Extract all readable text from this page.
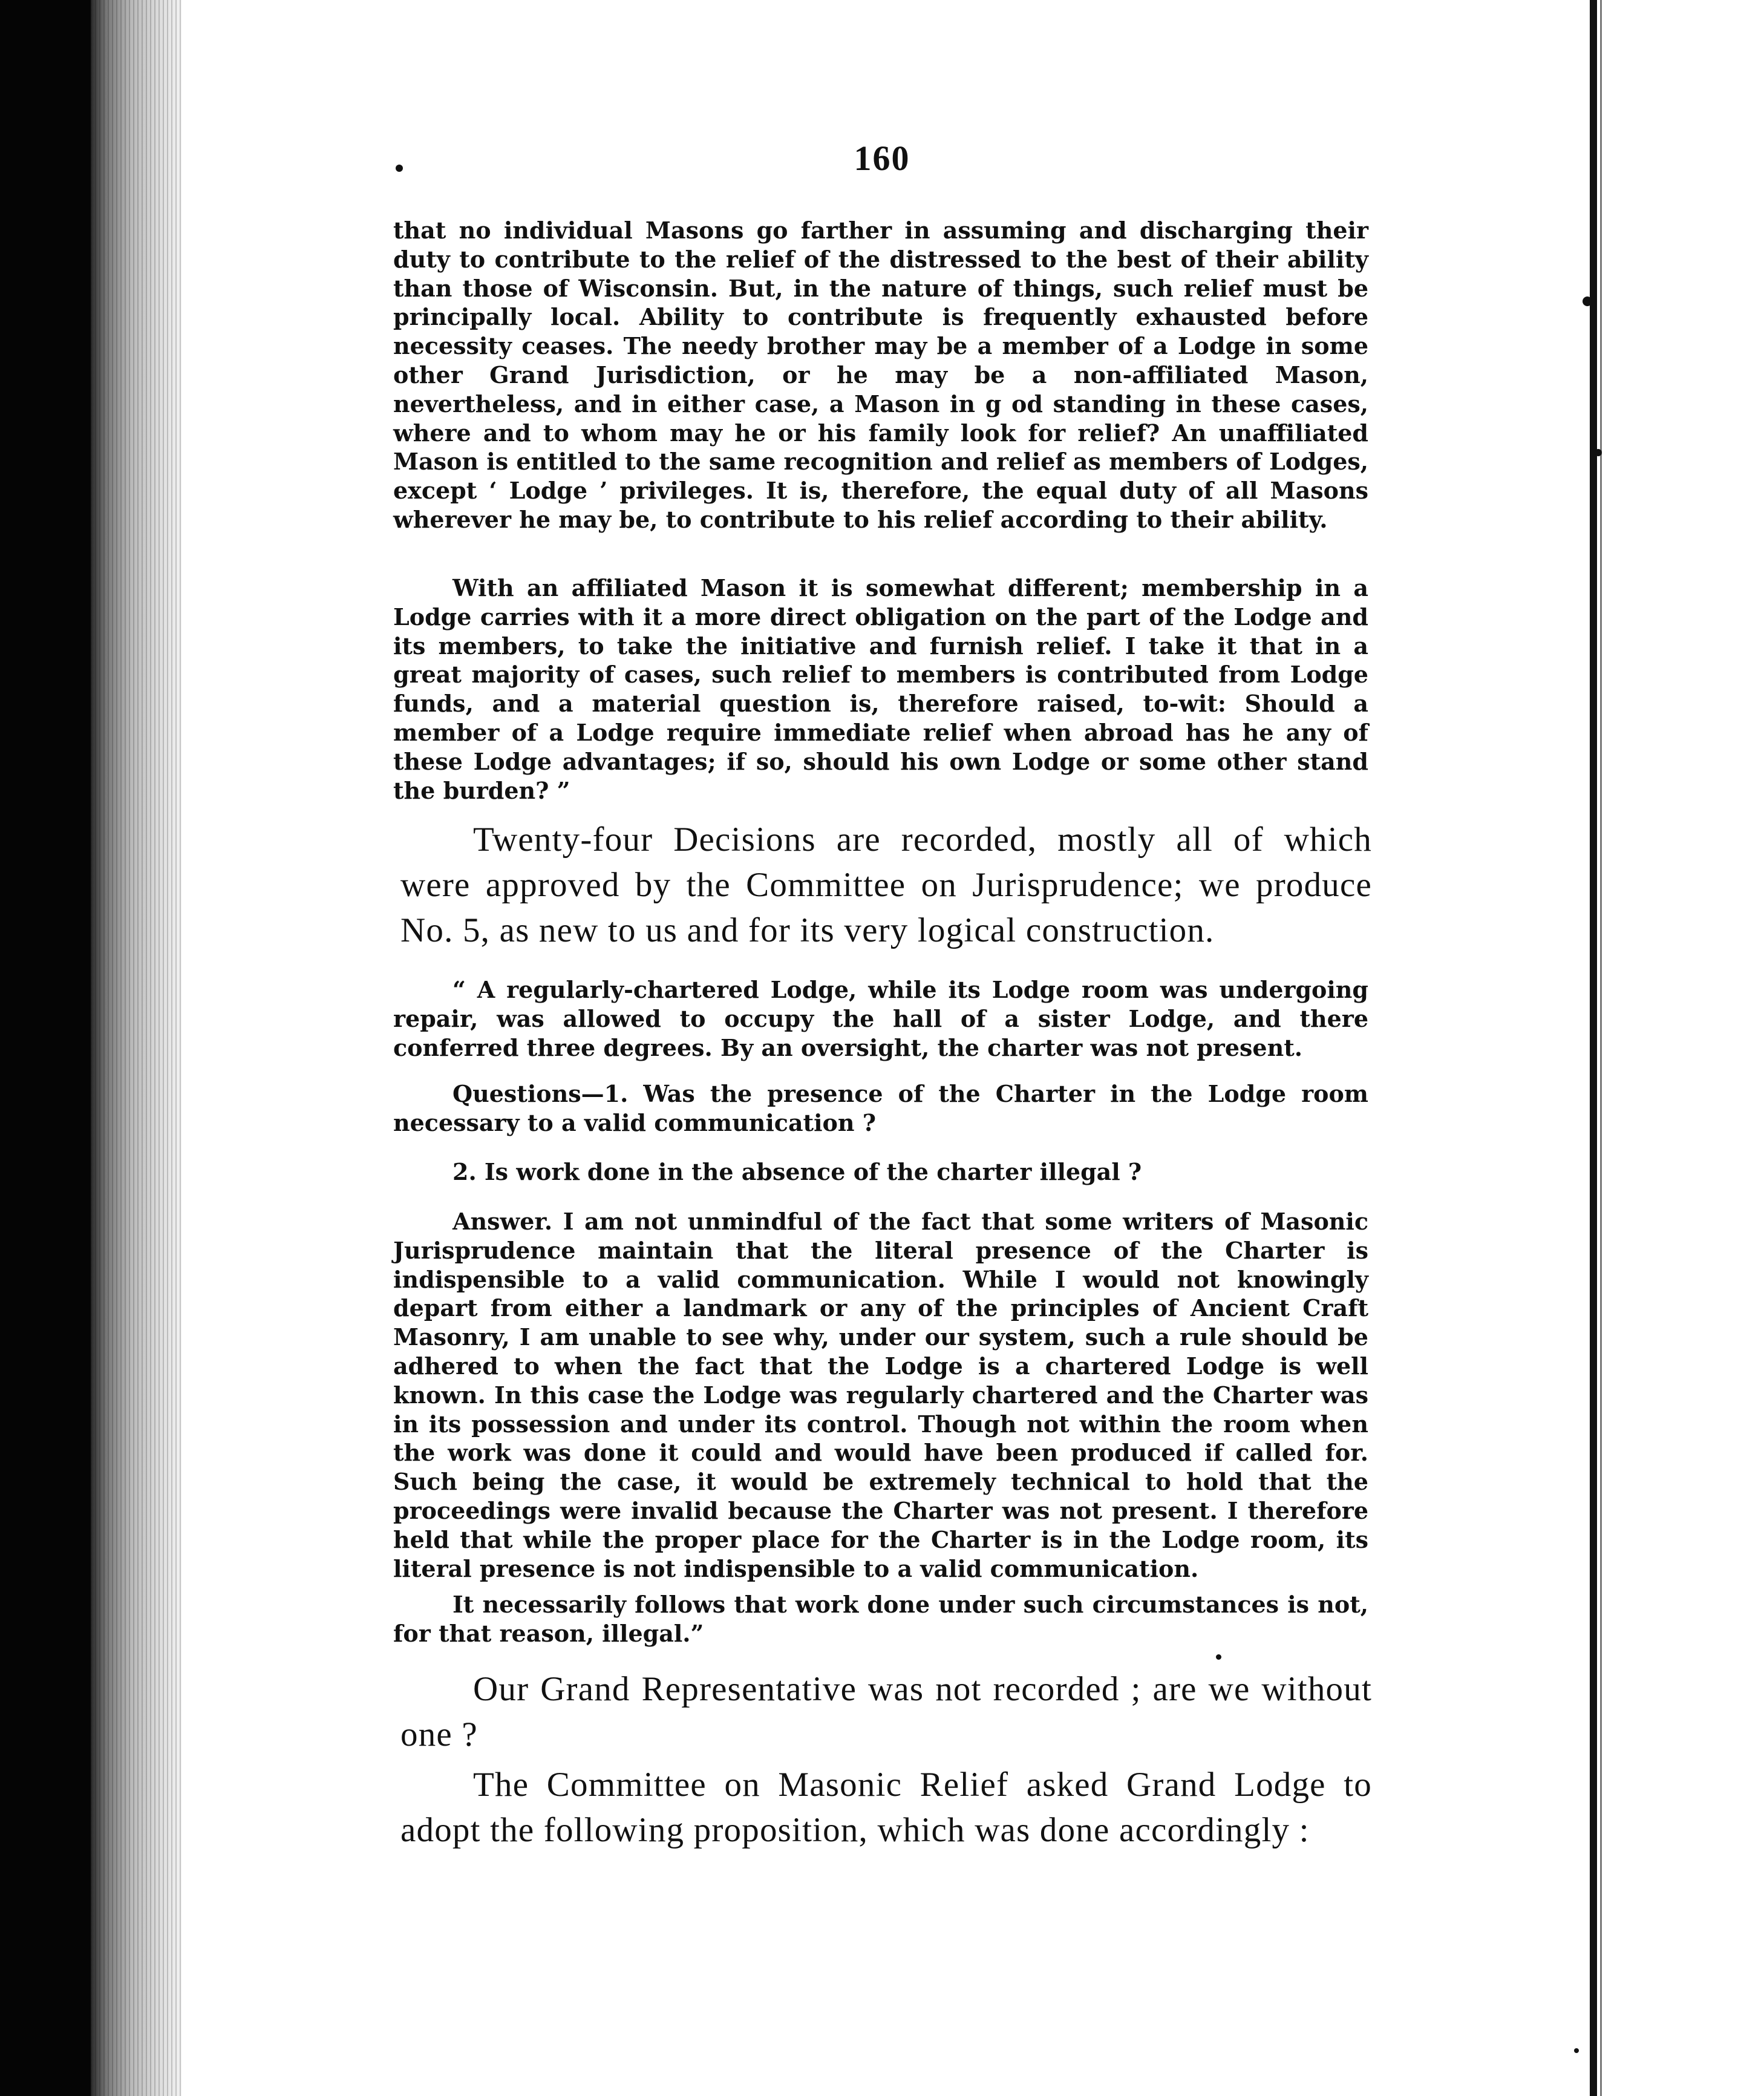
160

that no individual Masons go farther in assuming and discharging their duty to contribute to the relief of the distressed to the best of their ability than those of Wisconsin. But, in the nature of things, such relief must be principally local. Ability to contribute is frequently exhausted before necessity ceases. The needy brother may be a member of a Lodge in some other Grand Jurisdiction, or he may be a non-affiliated Mason, nevertheless, and in either case, a Mason in g od standing in these cases, where and to whom may he or his family look for relief? An unaffiliated Mason is entitled to the same recognition and relief as members of Lodges, except ‘ Lodge ’ privileges. It is, therefore, the equal duty of all Masons wherever he may be, to contribute to his relief according to their ability.

With an affiliated Mason it is somewhat different; membership in a Lodge carries with it a more direct obligation on the part of the Lodge and its members, to take the initiative and furnish relief. I take it that in a great majority of cases, such relief to members is contributed from Lodge funds, and a material question is, therefore raised, to-wit: Should a member of a Lodge require immediate relief when abroad has he any of these Lodge advantages; if so, should his own Lodge or some other stand the burden? ”

Twenty-four Decisions are recorded, mostly all of which were approved by the Committee on Jurisprudence; we produce No. 5, as new to us and for its very logical construction.

“ A regularly-chartered Lodge, while its Lodge room was undergoing repair, was allowed to occupy the hall of a sister Lodge, and there conferred three degrees. By an oversight, the charter was not present.

Questions—1. Was the presence of the Charter in the Lodge room necessary to a valid communication ?

2. Is work done in the absence of the charter illegal ?

Answer. I am not unmindful of the fact that some writers of Masonic Jurisprudence maintain that the literal presence of the Charter is indispensible to a valid communication. While I would not knowingly depart from either a landmark or any of the principles of Ancient Craft Masonry, I am unable to see why, under our system, such a rule should be adhered to when the fact that the Lodge is a chartered Lodge is well known. In this case the Lodge was regularly chartered and the Charter was in its possession and under its control. Though not within the room when the work was done it could and would have been produced if called for. Such being the case, it would be extremely technical to hold that the proceedings were invalid because the Charter was not present. I therefore held that while the proper place for the Charter is in the Lodge room, its literal presence is not indispensible to a valid communication.

It necessarily follows that work done under such circumstances is not, for that reason, illegal.”

Our Grand Representative was not recorded ; are we without one ?

The Committee on Masonic Relief asked Grand Lodge to adopt the following proposition, which was done accordingly :
